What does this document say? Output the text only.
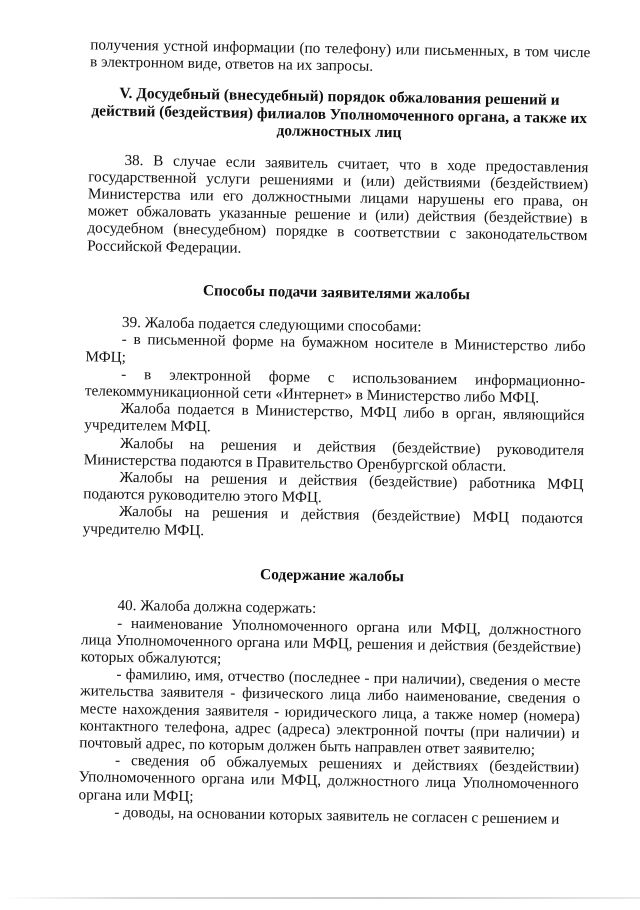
получения устной информации (по телефону) или письменных, в том числе в электронном виде, ответов на их запросы.

V. Досудебный (внесудебный) порядок обжалования решений и действий (бездействия) филиалов Уполномоченного органа, а также их должностных лиц

38. В случае если заявитель считает, что в ходе предоставления государственной услуги решениями и (или) действиями (бездействием) Министерства или его должностными лицами нарушены его права, он может обжаловать указанные решение и (или) действия (бездействие) в досудебном (внесудебном) порядке в соответствии с законодательством Российской Федерации.

Способы подачи заявителями жалобы

39. Жалоба подается следующими способами:

- в письменной форме на бумажном носителе в Министерство либо МФЦ;

- в электронной форме с использованием информационно-телекоммуникационной сети «Интернет» в Министерство либо МФЦ.

Жалоба подается в Министерство, МФЦ либо в орган, являющийся учредителем МФЦ.

Жалобы на решения и действия (бездействие) руководителя Министерства подаются в Правительство Оренбургской области.

Жалобы на решения и действия (бездействие) работника МФЦ подаются руководителю этого МФЦ.

Жалобы на решения и действия (бездействие) МФЦ подаются учредителю МФЦ.

Содержание жалобы

40. Жалоба должна содержать:

- наименование Уполномоченного органа или МФЦ, должностного лица Уполномоченного органа или МФЦ, решения и действия (бездействие) которых обжалуются;

- фамилию, имя, отчество (последнее - при наличии), сведения о месте жительства заявителя - физического лица либо наименование, сведения о месте нахождения заявителя - юридического лица, а также номер (номера) контактного телефона, адрес (адреса) электронной почты (при наличии) и почтовый адрес, по которым должен быть направлен ответ заявителю;

- сведения об обжалуемых решениях и действиях (бездействии) Уполномоченного органа или МФЦ, должностного лица Уполномоченного органа или МФЦ;

- доводы, на основании которых заявитель не согласен с решением и
